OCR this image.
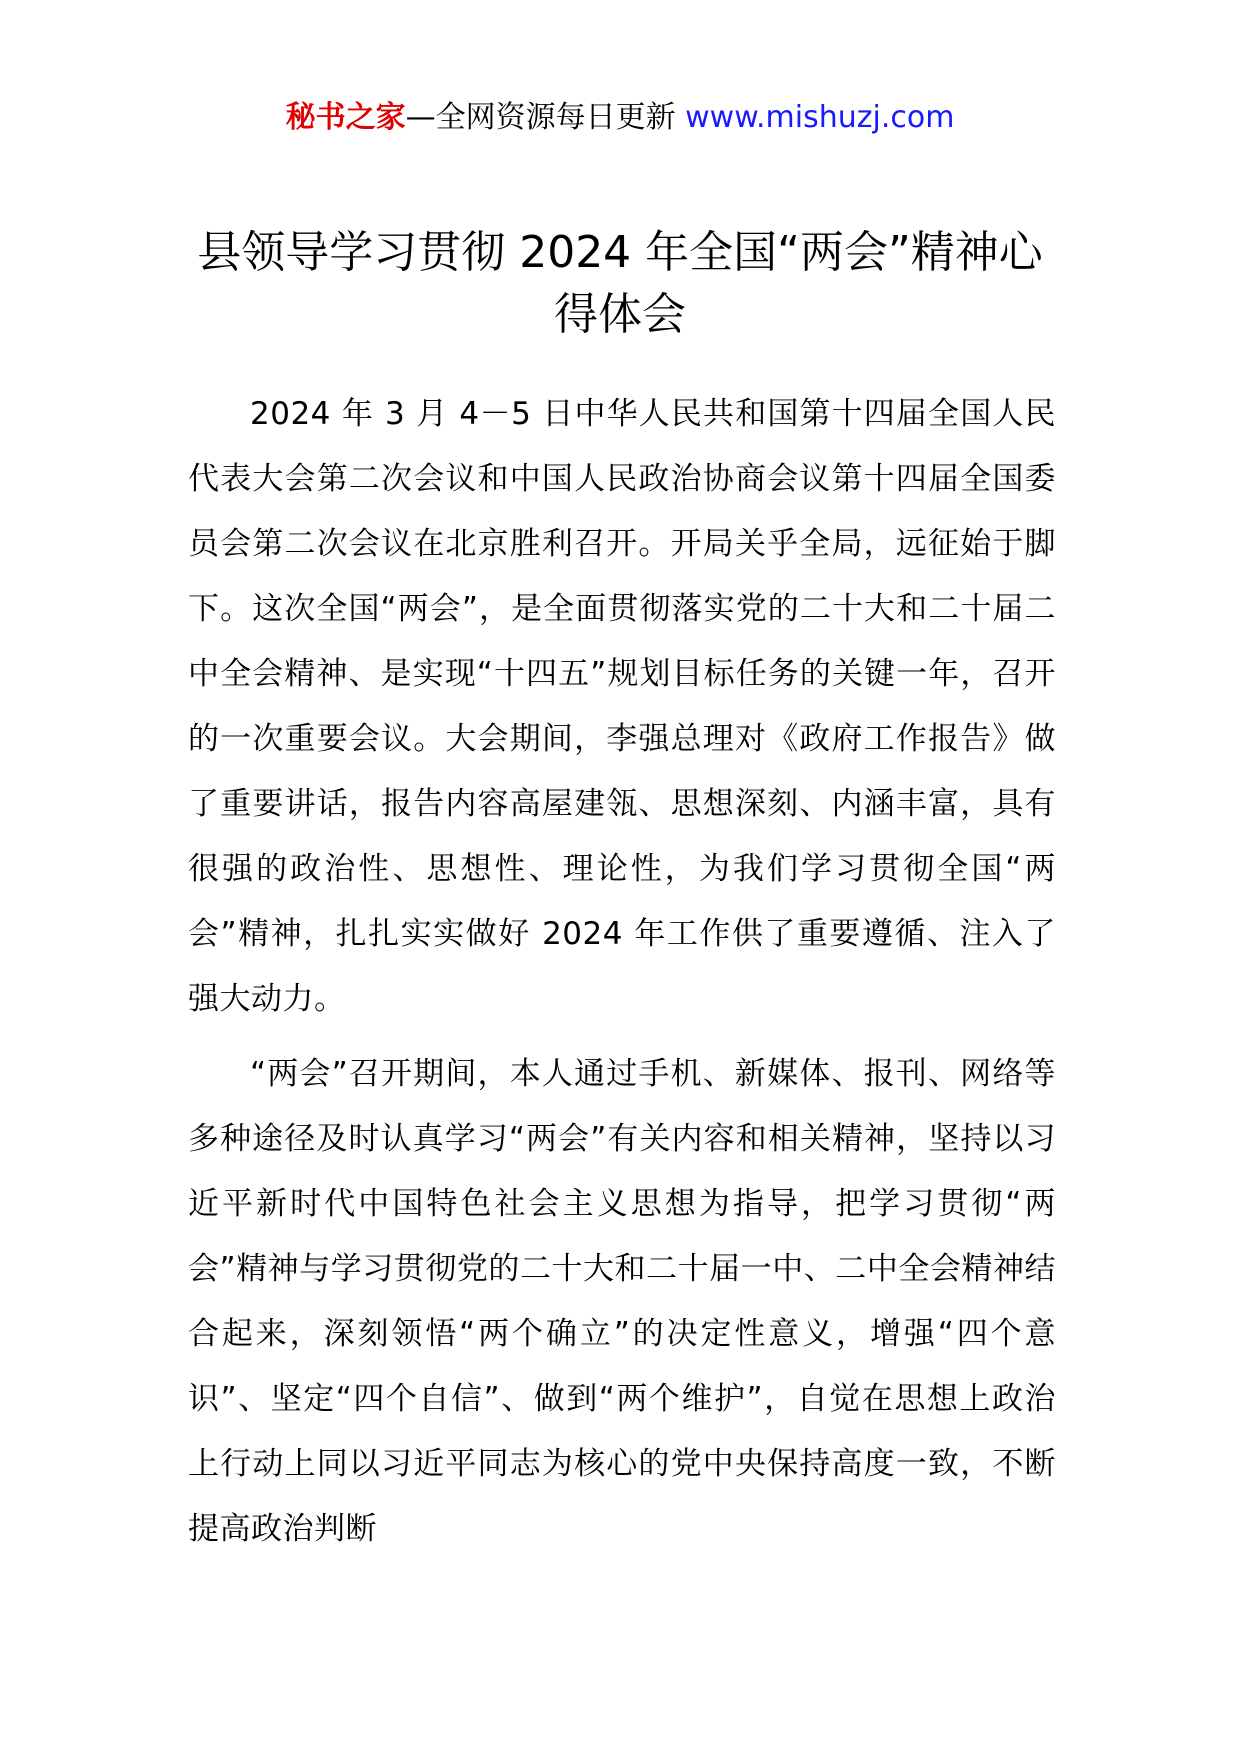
秘书之家—全网资源每日更新 www.mishuzj.com
县领导学习贯彻 2024 年全国“两会”精神心得体会

2024 年 3 月 4－5 日中华人民共和国第十四届全国人民代表大会第二次会议和中国人民政治协商会议第十四届全国委员会第二次会议在北京胜利召开。开局关乎全局，远征始于脚下。这次全国“两会”，是全面贯彻落实党的二十大和二十届二中全会精神、是实现“十四五”规划目标任务的关键一年，召开的一次重要会议。大会期间，李强总理对《政府工作报告》做了重要讲话，报告内容高屋建瓴、思想深刻、内涵丰富，具有很强的政治性、思想性、理论性，为我们学习贯彻全国“两会”精神，扎扎实实做好 2024 年工作供了重要遵循、注入了强大动力。

“两会”召开期间，本人通过手机、新媒体、报刊、网络等多种途径及时认真学习“两会”有关内容和相关精神，坚持以习近平新时代中国特色社会主义思想为指导，把学习贯彻“两会”精神与学习贯彻党的二十大和二十届一中、二中全会精神结合起来，深刻领悟“两个确立”的决定性意义，增强“四个意识”、坚定“四个自信”、做到“两个维护”，自觉在思想上政治上行动上同以习近平同志为核心的党中央保持高度一致，不断提高政治判断
